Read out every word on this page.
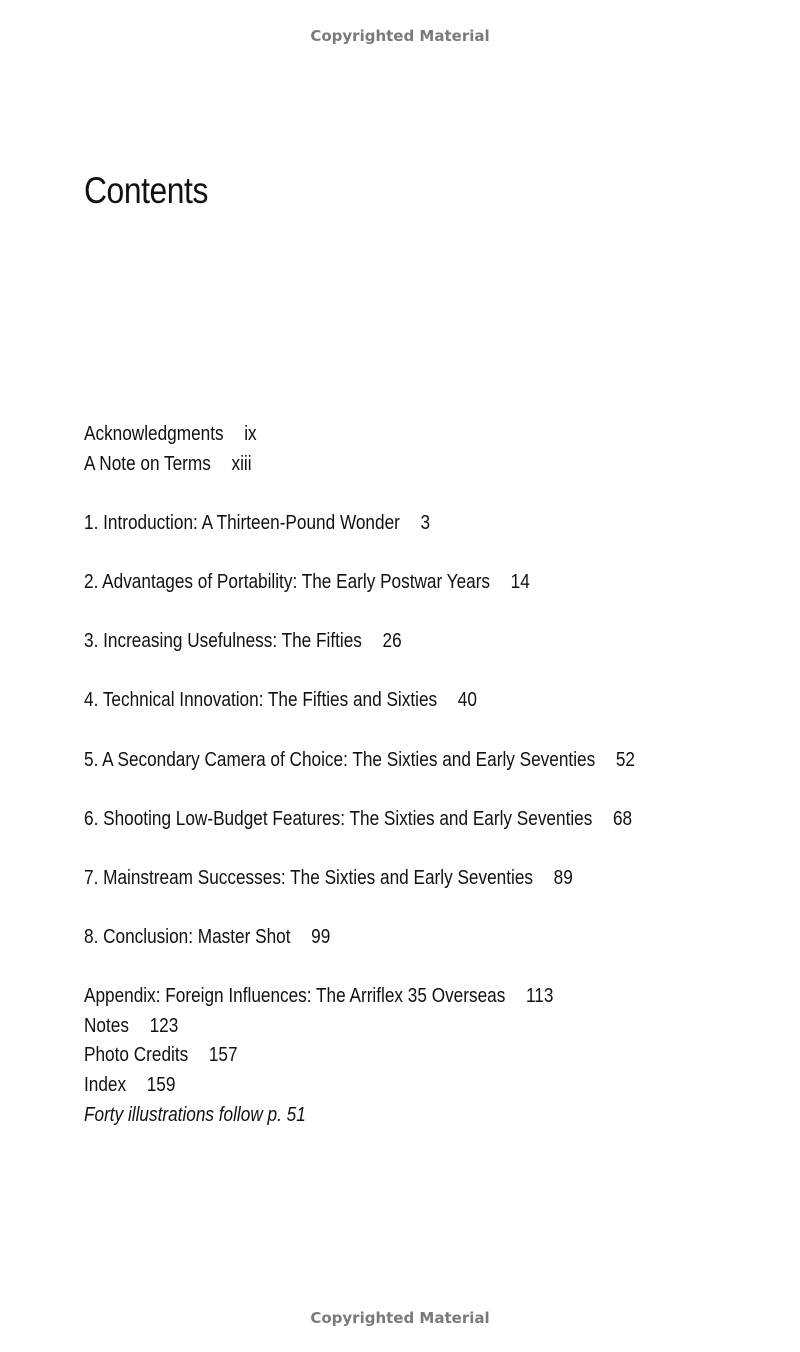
Copyrighted Material
Contents
Acknowledgments ix
A Note on Terms xiii
1. Introduction: A Thirteen-Pound Wonder 3
2. Advantages of Portability: The Early Postwar Years 14
3. Increasing Usefulness: The Fifties 26
4. Technical Innovation: The Fifties and Sixties 40
5. A Secondary Camera of Choice: The Sixties and Early Seventies 52
6. Shooting Low-Budget Features: The Sixties and Early Seventies 68
7. Mainstream Successes: The Sixties and Early Seventies 89
8. Conclusion: Master Shot 99
Appendix: Foreign Influences: The Arriflex 35 Overseas 113
Notes 123
Photo Credits 157
Index 159
Forty illustrations follow p. 51
Copyrighted Material
